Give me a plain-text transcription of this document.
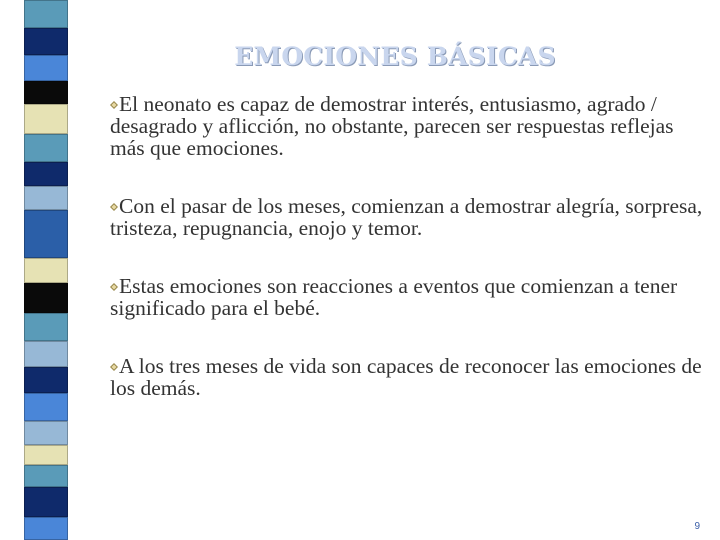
EMOCIONES BÁSICAS
El neonato es capaz de demostrar interés, entusiasmo, agrado / desagrado y aflicción, no obstante, parecen ser respuestas reflejas más que emociones.
Con el pasar de los meses, comienzan a demostrar alegría, sorpresa, tristeza, repugnancia, enojo y temor.
Estas emociones son reacciones a eventos que comienzan a tener significado para el bebé.
A los tres meses de vida son capaces de reconocer las emociones de los demás.
9
